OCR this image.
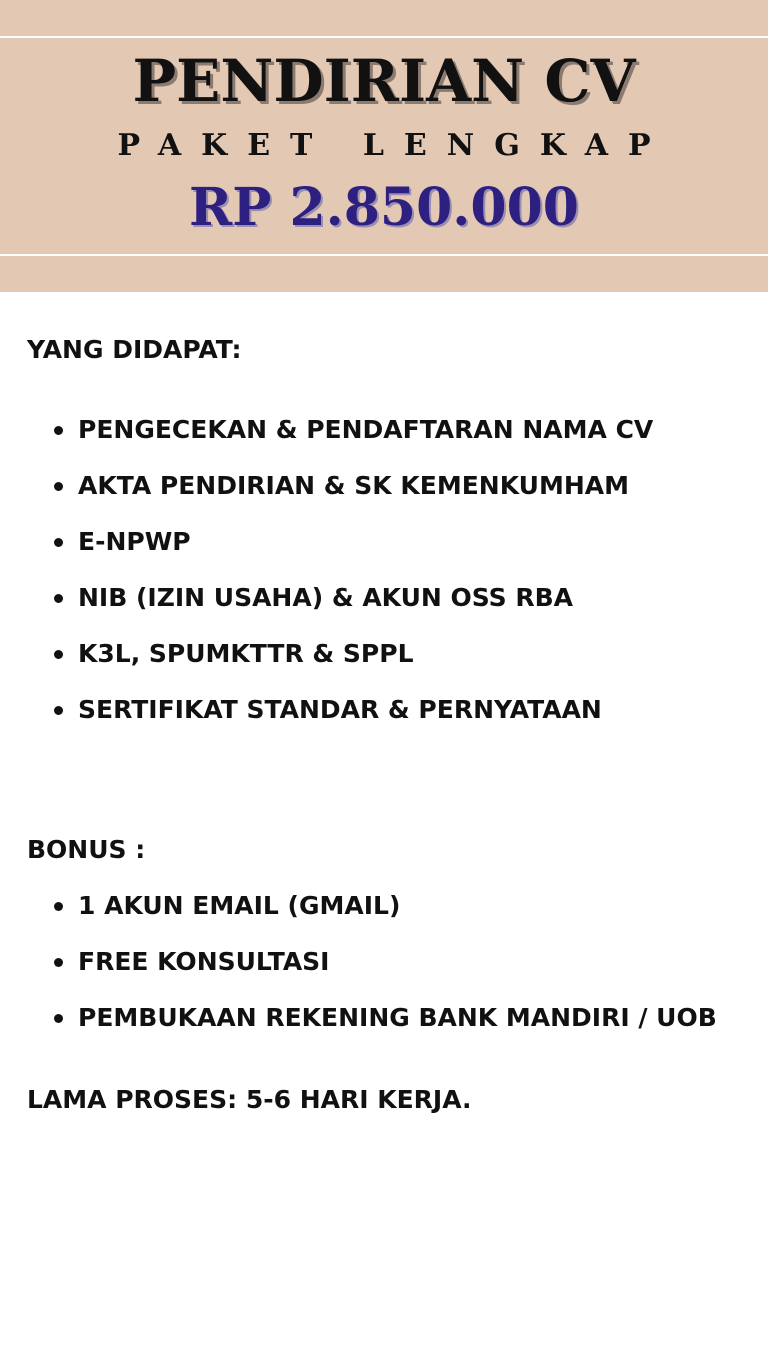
PENDIRIAN CV
PAKET LENGKAP
RP 2.850.000
YANG DIDAPAT:
PENGECEKAN & PENDAFTARAN NAMA CV
AKTA PENDIRIAN & SK KEMENKUMHAM
E-NPWP
NIB (IZIN USAHA) & AKUN OSS RBA
K3L, SPUMKTTR & SPPL
SERTIFIKAT STANDAR & PERNYATAAN
BONUS :
1 AKUN EMAIL (GMAIL)
FREE KONSULTASI
PEMBUKAAN REKENING BANK MANDIRI / UOB
LAMA PROSES: 5-6 HARI KERJA.
